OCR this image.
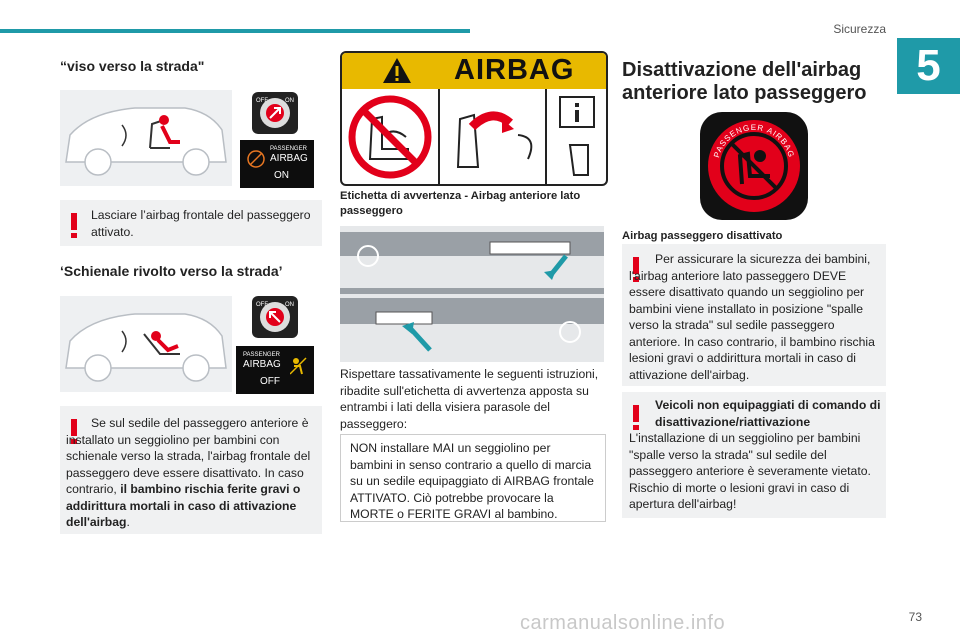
Sicurezza
5
“viso verso la strada"
OFF	ON
PASSENGER
AIRBAG
ON
Lasciare l’airbag frontale del passeggero attivato.
‘Schienale rivolto verso la strada’
OFF	ON
PASSENGER
AIRBAG
OFF
Se sul sedile del passeggero anteriore è installato un seggiolino per bambini con schienale verso la strada, l'airbag frontale del passeggero deve essere disattivato. In caso contrario, il bambino rischia ferite gravi o addirittura mortali in caso di attivazione dell'airbag.
AIRBAG
Etichetta di avvertenza - Airbag anteriore lato passeggero
Rispettare tassativamente le seguenti istruzioni, ribadite sull'etichetta di avvertenza apposta su entrambi i lati della visiera parasole del passeggero:
NON installare MAI un seggiolino per bambini in senso contrario a quello di marcia su un sedile equipaggiato di AIRBAG frontale ATTIVATO. Ciò potrebbe provocare la MORTE o FERITE GRAVI al bambino.
Disattivazione dell'airbag anteriore lato passeggero
PASSENGER AIRBAG
Airbag passeggero disattivato
Per assicurare la sicurezza dei bambini, l'airbag anteriore lato passeggero DEVE essere disattivato quando un seggiolino per bambini viene installato in posizione "spalle verso la strada" sul sedile passeggero anteriore. In caso contrario, il bambino rischia lesioni gravi o addirittura mortali in caso di attivazione dell'airbag.
Veicoli non equipaggiati di comando di disattivazione/riattivazione
L'installazione di un seggiolino per bambini "spalle verso la strada" sul sedile del passeggero anteriore è severamente vietato. Rischio di morte o lesioni gravi in caso di apertura dell'airbag!
carmanualsonline.info	73
